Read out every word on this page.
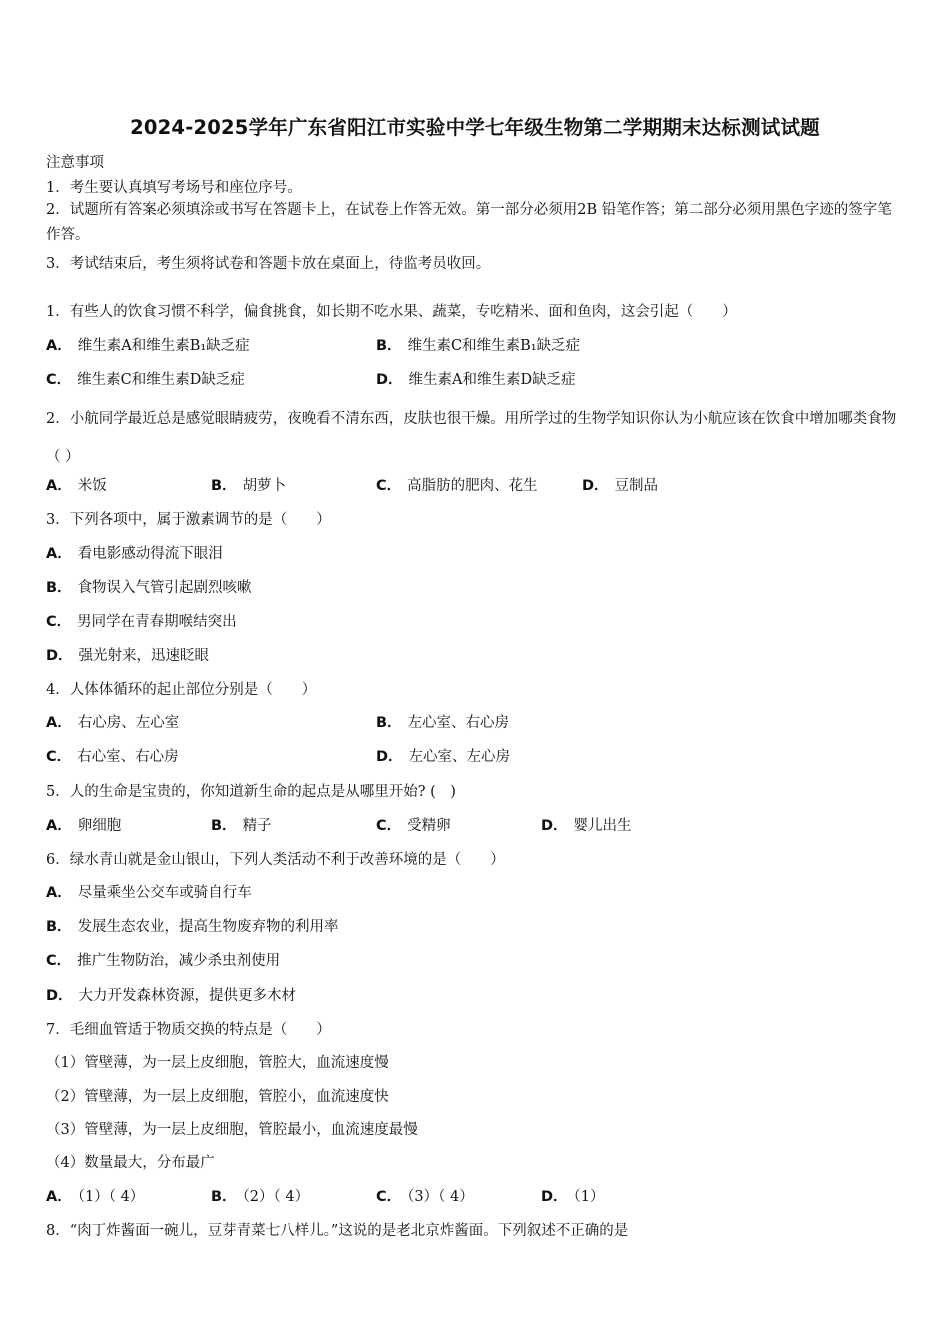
2024-2025学年广东省阳江市实验中学七年级生物第二学期期末达标测试试题
注意事项
1．考生要认真填写考场号和座位序号。
2．试题所有答案必须填涂或书写在答题卡上，在试卷上作答无效。第一部分必须用2B 铅笔作答；第二部分必须用黑色字迹的签字笔作答。
3．考试结束后，考生须将试卷和答题卡放在桌面上，待监考员收回。
1．有些人的饮食习惯不科学，偏食挑食，如长期不吃水果、蔬菜，专吃精米、面和鱼肉，这会引起（　　）
A． 维生素A和维生素B₁缺乏症	B． 维生素C和维生素B₁缺乏症
C． 维生素C和维生素D缺乏症	D． 维生素A和维生素D缺乏症
2．小航同学最近总是感觉眼睛疲劳，夜晚看不清东西，皮肤也很干燥。用所学过的生物学知识你认为小航应该在饮食中增加哪类食物（ ）
A． 米饭	B． 胡萝卜	C． 高脂肪的肥肉、花生	D． 豆制品
3．下列各项中，属于激素调节的是（　　）
A． 看电影感动得流下眼泪
B． 食物误入气管引起剧烈咳嗽
C． 男同学在青春期喉结突出
D． 强光射来，迅速眨眼
4．人体体循环的起止部位分别是（　　）
A． 右心房、左心室	B． 左心室、右心房
C． 右心室、右心房	D． 左心室、左心房
5．人的生命是宝贵的，你知道新生命的起点是从哪里开始? (　)
A． 卵细胞	B． 精子	C． 受精卵	D． 婴儿出生
6．绿水青山就是金山银山，下列人类活动不利于改善环境的是（　　）
A． 尽量乘坐公交车或骑自行车
B． 发展生态农业，提高生物废弃物的利用率
C． 推广生物防治，减少杀虫剂使用
D． 大力开发森林资源，提供更多木材
7．毛细血管适于物质交换的特点是（　　）
（1）管壁薄，为一层上皮细胞，管腔大，血流速度慢
（2）管壁薄，为一层上皮细胞，管腔小，血流速度快
（3）管壁薄，为一层上皮细胞，管腔最小，血流速度最慢
（4）数量最大，分布最广
A． （1）（ 4）	B． （2）（ 4）	C． （3）（ 4）	D． （1）
8．“肉丁炸酱面一碗儿，豆芽青菜七八样儿。”这说的是老北京炸酱面。下列叙述不正确的是
